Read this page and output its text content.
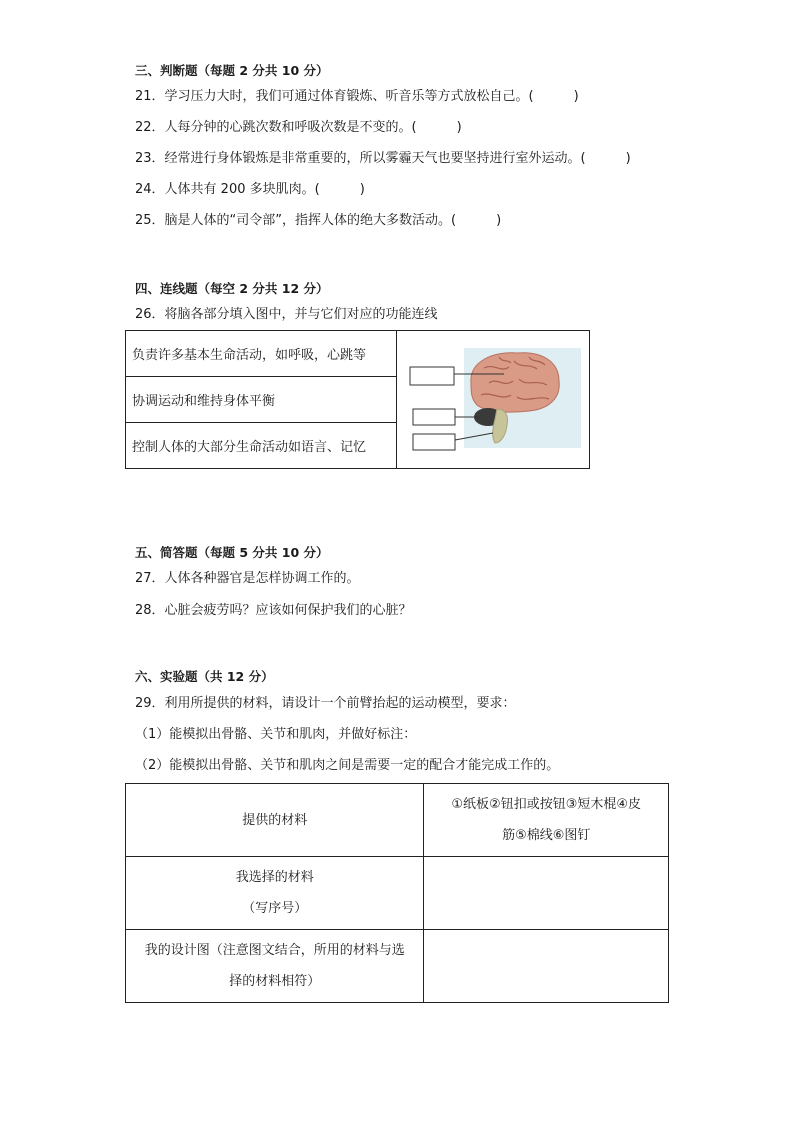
三、判断题（每题 2 分共 10 分）
21．学习压力大时，我们可通过体育锻炼、听音乐等方式放松自己。(	)
22．人每分钟的心跳次数和呼吸次数是不变的。(	)
23．经常进行身体锻炼是非常重要的，所以雾霾天气也要坚持进行室外运动。(	)
24．人体共有 200 多块肌肉。(	)
25．脑是人体的“司令部”，指挥人体的绝大多数活动。(	)
四、连线题（每空 2 分共 12 分）
26．将脑各部分填入图中，并与它们对应的功能连线
负责许多基本生命活动，如呼吸，心跳等	

协调运动和维持身体平衡
控制人体的大部分生命活动如语言、记忆
五、简答题（每题 5 分共 10 分）
27．人体各种器官是怎样协调工作的。
28．心脏会疲劳吗？应该如何保护我们的心脏？
六、实验题（共 12 分）
29．利用所提供的材料，请设计一个前臂抬起的运动模型，要求：
（1）能模拟出骨骼、关节和肌肉，并做好标注：
（2）能模拟出骨骼、关节和肌肉之间是需要一定的配合才能完成工作的。
提供的材料	①纸板②钮扣或按钮③短木棍④皮
筋⑤棉线⑥图钉

我选择的材料
（写序号）	

我的设计图（注意图文结合，所用的材料与选
择的材料相符）	
